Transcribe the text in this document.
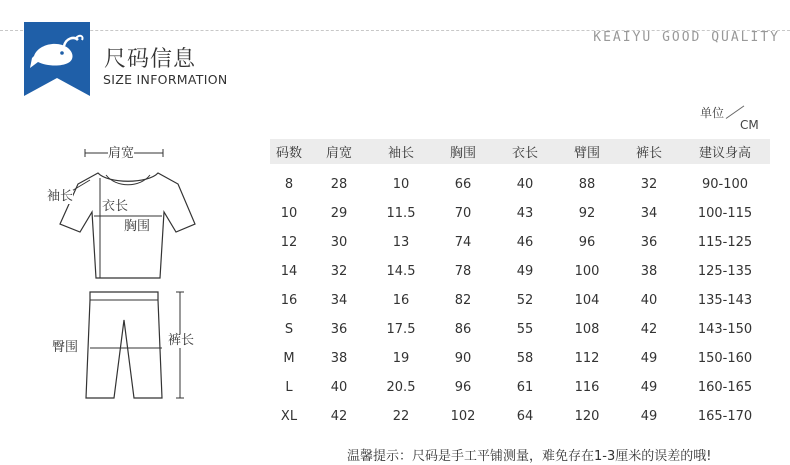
尺码信息
SIZE INFORMATION
KEAIYU GOOD QUALITY
单位
CM
肩宽
袖长
衣长
胸围
臀围	裤长
码数	肩宽	袖长	胸围	衣长	臂围	裤长	建议身高
8	28	10	66	40	88	32	90-100
10	29	11.5	70	43	92	34	100-115
12	30	13	74	46	96	36	115-125
14	32	14.5	78	49	100	38	125-135
16	34	16	82	52	104	40	135-143
S	36	17.5	86	55	108	42	143-150
M	38	19	90	58	112	49	150-160
L	40	20.5	96	61	116	49	160-165
XL	42	22	102	64	120	49	165-170
温馨提示：尺码是手工平铺测量，难免存在1-3厘米的误差的哦!
